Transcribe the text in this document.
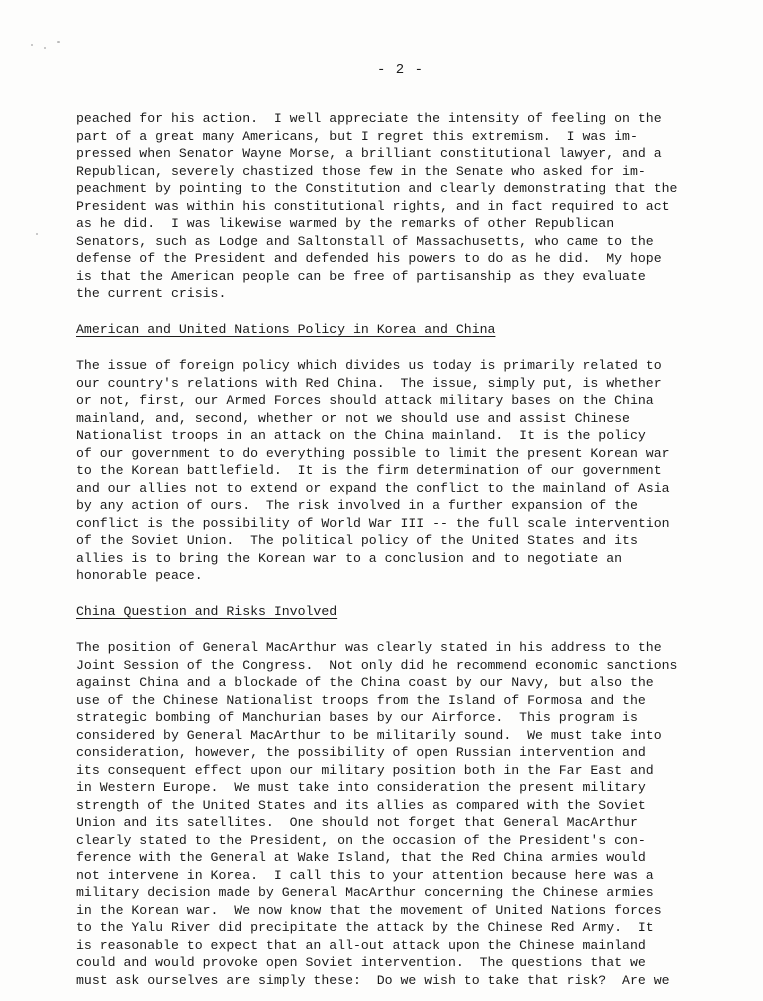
- 2 -
peached for his action.  I well appreciate the intensity of feeling on the
part of a great many Americans, but I regret this extremism.  I was im-
pressed when Senator Wayne Morse, a brilliant constitutional lawyer, and a
Republican, severely chastized those few in the Senate who asked for im-
peachment by pointing to the Constitution and clearly demonstrating that the
President was within his constitutional rights, and in fact required to act
as he did.  I was likewise warmed by the remarks of other Republican
Senators, such as Lodge and Saltonstall of Massachusetts, who came to the
defense of the President and defended his powers to do as he did.  My hope
is that the American people can be free of partisanship as they evaluate
the current crisis.
American and United Nations Policy in Korea and China
The issue of foreign policy which divides us today is primarily related to
our country's relations with Red China.  The issue, simply put, is whether
or not, first, our Armed Forces should attack military bases on the China
mainland, and, second, whether or not we should use and assist Chinese
Nationalist troops in an attack on the China mainland.  It is the policy
of our government to do everything possible to limit the present Korean war
to the Korean battlefield.  It is the firm determination of our government
and our allies not to extend or expand the conflict to the mainland of Asia
by any action of ours.  The risk involved in a further expansion of the
conflict is the possibility of World War III -- the full scale intervention
of the Soviet Union.  The political policy of the United States and its
allies is to bring the Korean war to a conclusion and to negotiate an
honorable peace.
China Question and Risks Involved
The position of General MacArthur was clearly stated in his address to the
Joint Session of the Congress.  Not only did he recommend economic sanctions
against China and a blockade of the China coast by our Navy, but also the
use of the Chinese Nationalist troops from the Island of Formosa and the
strategic bombing of Manchurian bases by our Airforce.  This program is
considered by General MacArthur to be militarily sound.  We must take into
consideration, however, the possibility of open Russian intervention and
its consequent effect upon our military position both in the Far East and
in Western Europe.  We must take into consideration the present military
strength of the United States and its allies as compared with the Soviet
Union and its satellites.  One should not forget that General MacArthur
clearly stated to the President, on the occasion of the President's con-
ference with the General at Wake Island, that the Red China armies would
not intervene in Korea.  I call this to your attention because here was a
military decision made by General MacArthur concerning the Chinese armies
in the Korean war.  We now know that the movement of United Nations forces
to the Yalu River did precipitate the attack by the Chinese Red Army.  It
is reasonable to expect that an all-out attack upon the Chinese mainland
could and would provoke open Soviet intervention.  The questions that we
must ask ourselves are simply these:  Do we wish to take that risk?  Are we
